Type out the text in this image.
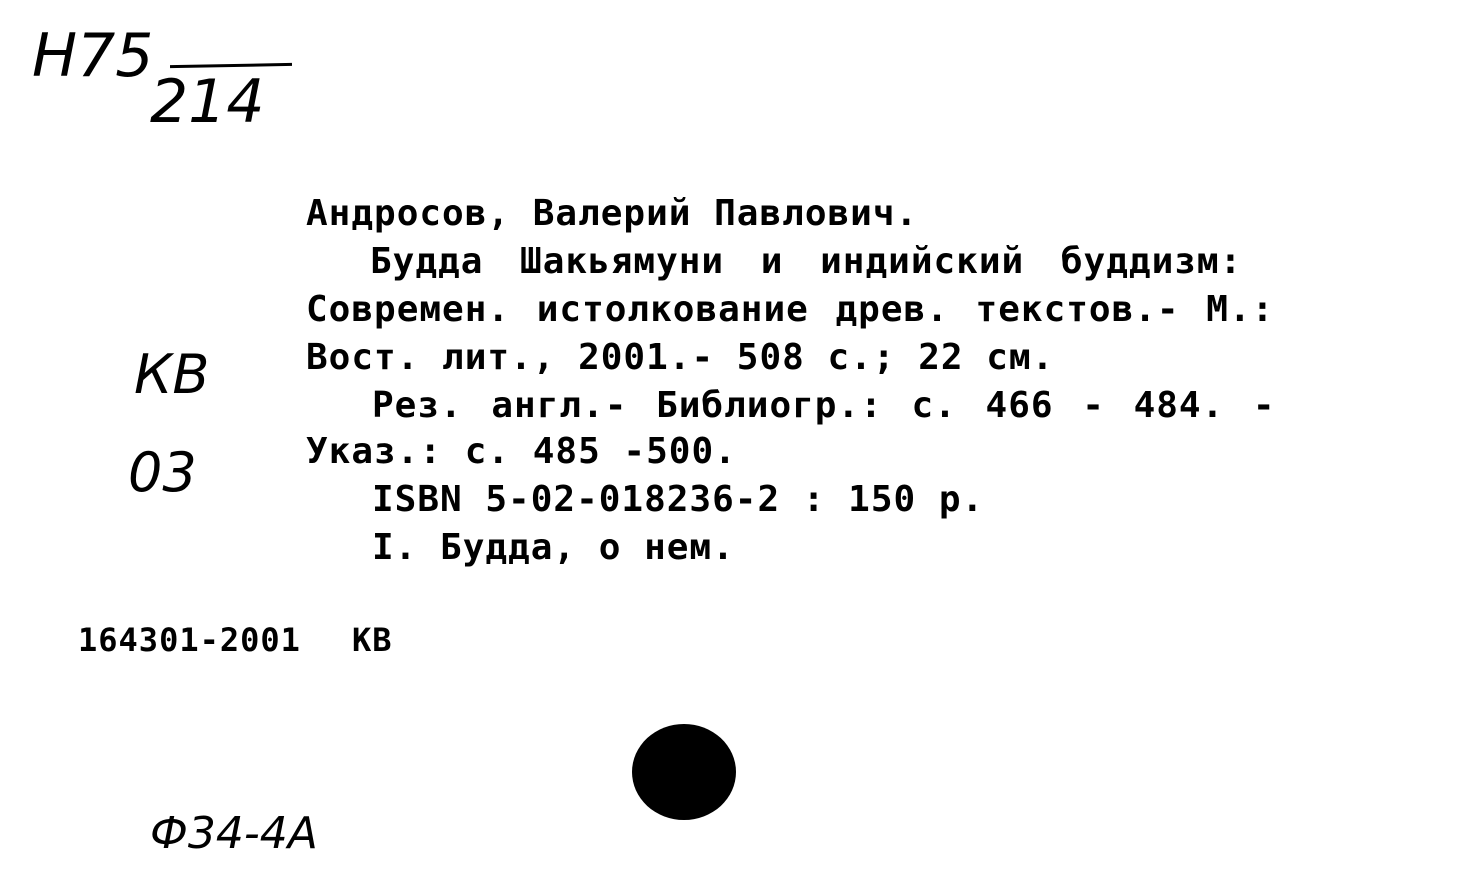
Н75
214
КВ
03
Андросов, Валерий Павлович.
Будда Шакьямуни и индийский буддизм:
Современ. истолкование древ. текстов.- М.:
Вост. лит., 2001.- 508 с.; 22 см.
Рез. англ.- Библиогр.: с. 466 - 484. -
Указ.: с. 485 -500.
ISBN 5-02-018236-2 : 150 р.
I. Будда, о нем.
164301-2001 КВ
Ф34-4А
